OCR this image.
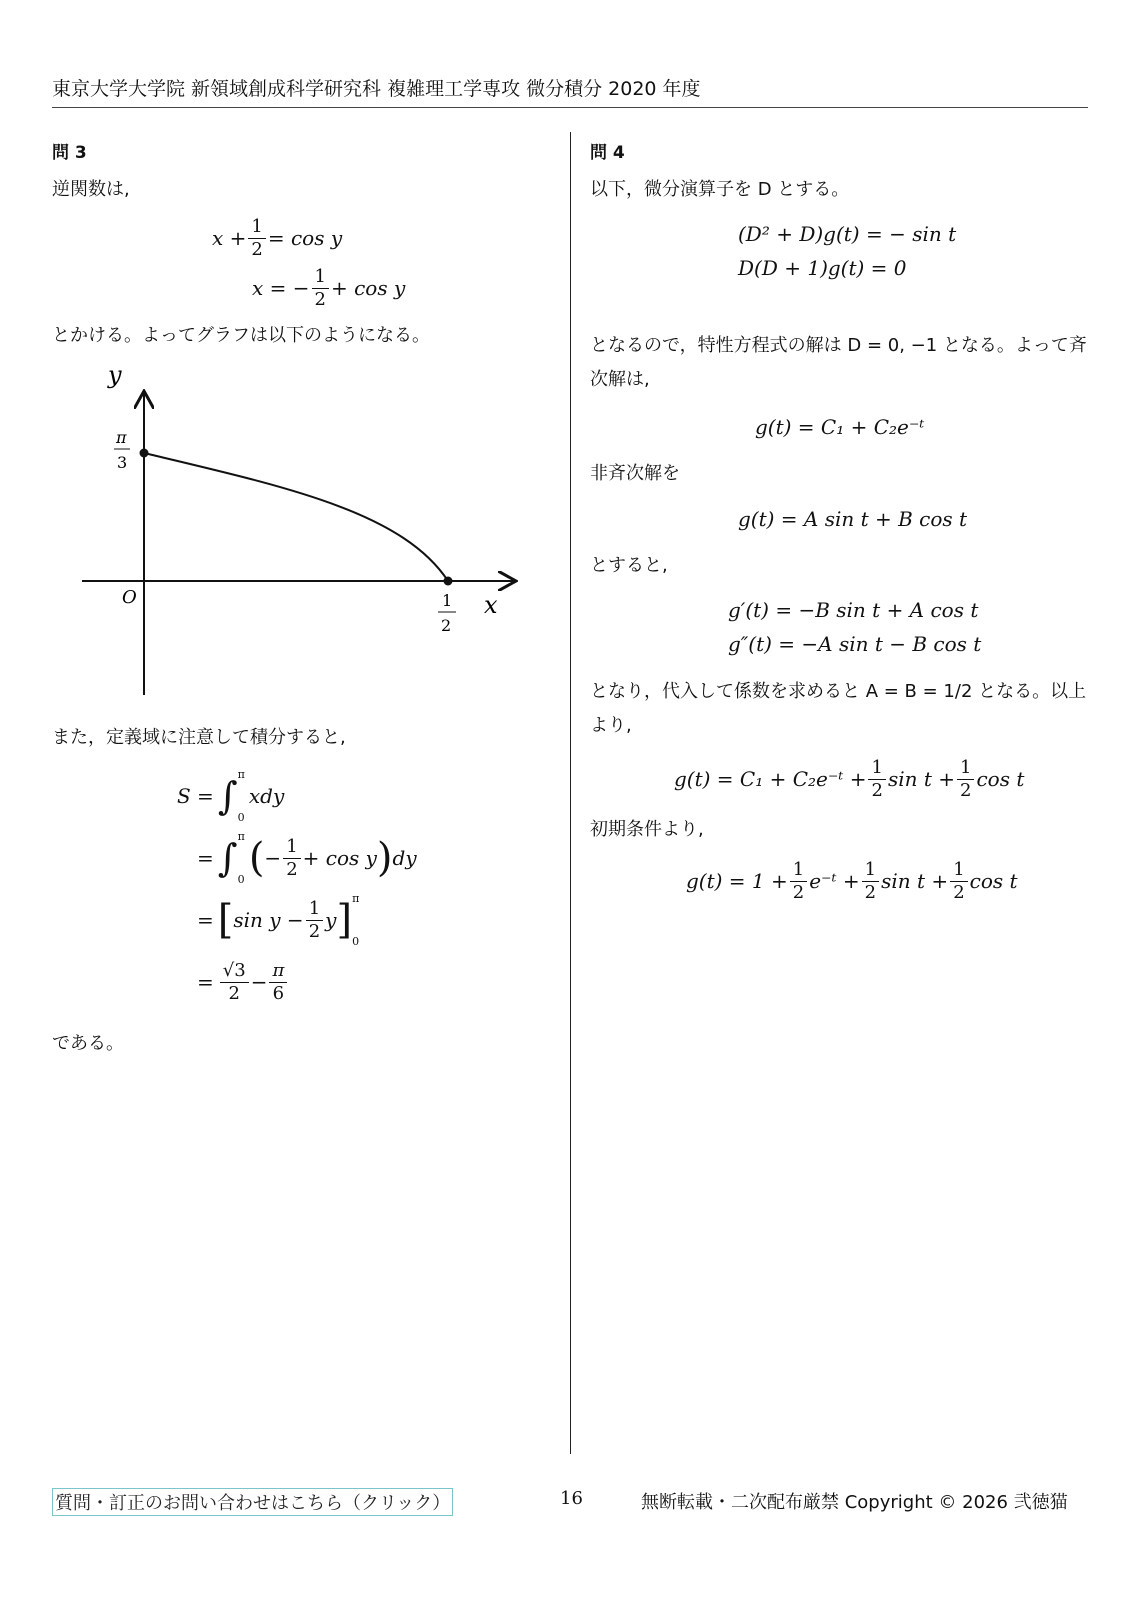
東京大学大学院 新領域創成科学研究科 複雑理工学専攻 微分積分 2020 年度
問 3
逆関数は,
$x + \frac{1}{2} = \cos y$
x = − $\frac{1}{2} + \cos y$
とかける。よってグラフは以下のようになる。
y
x
O
π
3
1
2
また，定義域に注意して積分すると,
S = ∫ π
0
xdy
= ∫ π
0 ( − $\frac{1}{2} + \cos y$ ) dy
= [ $\sin y - \frac{1}{2}$ y ] π
0
= $\frac{√3}{2} - \frac{\pi}{6}$
である。
問 4
以下，微分演算子を D とする。
(D² + D)g(t) = − sin t
D(D + 1)g(t) = 0
となるので，特性方程式の解は D = 0, −1 となる。よって斉次解は,
g(t) = C₁ + C₂e⁻ᵗ
非斉次解を
g(t) = A sin t + B cos t
とすると,
g′(t) = −B sin t + A cos t
g″(t) = −A sin t − B cos t
となり，代入して係数を求めると A = B = 1/2 となる。以上より,
g(t) = C₁ + C₂e⁻ᵗ + $\frac{1}{2}$ $\sin t + \frac{1}{2}$ cos t
初期条件より,
$g(t) = 1 + \frac{1}{2}$ e⁻ᵗ + $\frac{1}{2}$ $\sin t + \frac{1}{2}$ cos t
質問・訂正のお問い合わせはこちら（クリック）	16	無断転載・二次配布厳禁 Copyright © 2026 弐徳猫
